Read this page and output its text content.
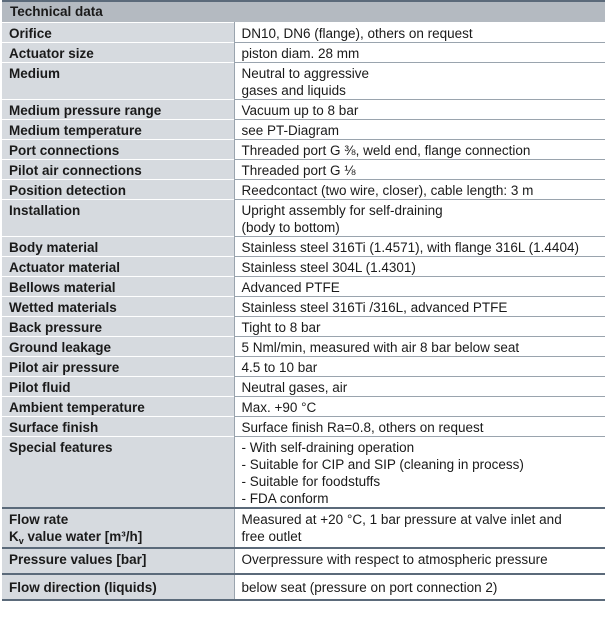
Technical data
Orifice	DN10, DN6 (flange), others on request

Actuator size	piston diam. 28 mm

Medium	Neutral to aggressive
gases and liquids

Medium pressure range	Vacuum up to 8 bar

Medium temperature	see PT-Diagram

Port connections	Threaded port G ⅜, weld end, flange connection

Pilot air connections	Threaded port G ⅛

Position detection	Reedcontact (two wire, closer), cable length: 3 m

Installation	Upright assembly for self-draining
(body to bottom)

Body material	Stainless steel 316Ti (1.4571), with flange 316L (1.4404)

Actuator material	Stainless steel 304L (1.4301)

Bellows material	Advanced PTFE

Wetted materials	Stainless steel 316Ti /316L, advanced PTFE

Back pressure	Tight to 8 bar

Ground leakage	5 Nml/min, measured with air 8 bar below seat

Pilot air pressure	4.5 to 10 bar

Pilot fluid	Neutral gases, air

Ambient temperature	Max. +90 °C

Surface finish	Surface finish Ra=0.8, others on request

Special features	- With self-draining operation
- Suitable for CIP and SIP (cleaning in process)
- Suitable for foodstuffs
- FDA conform

Flow rate
$K_v$ value water [m³/h]	Measured at +20 °C, 1 bar pressure at valve inlet and
free outlet

Pressure values [bar]	Overpressure with respect to atmospheric pressure

Flow direction (liquids)	below seat (pressure on port connection 2)
